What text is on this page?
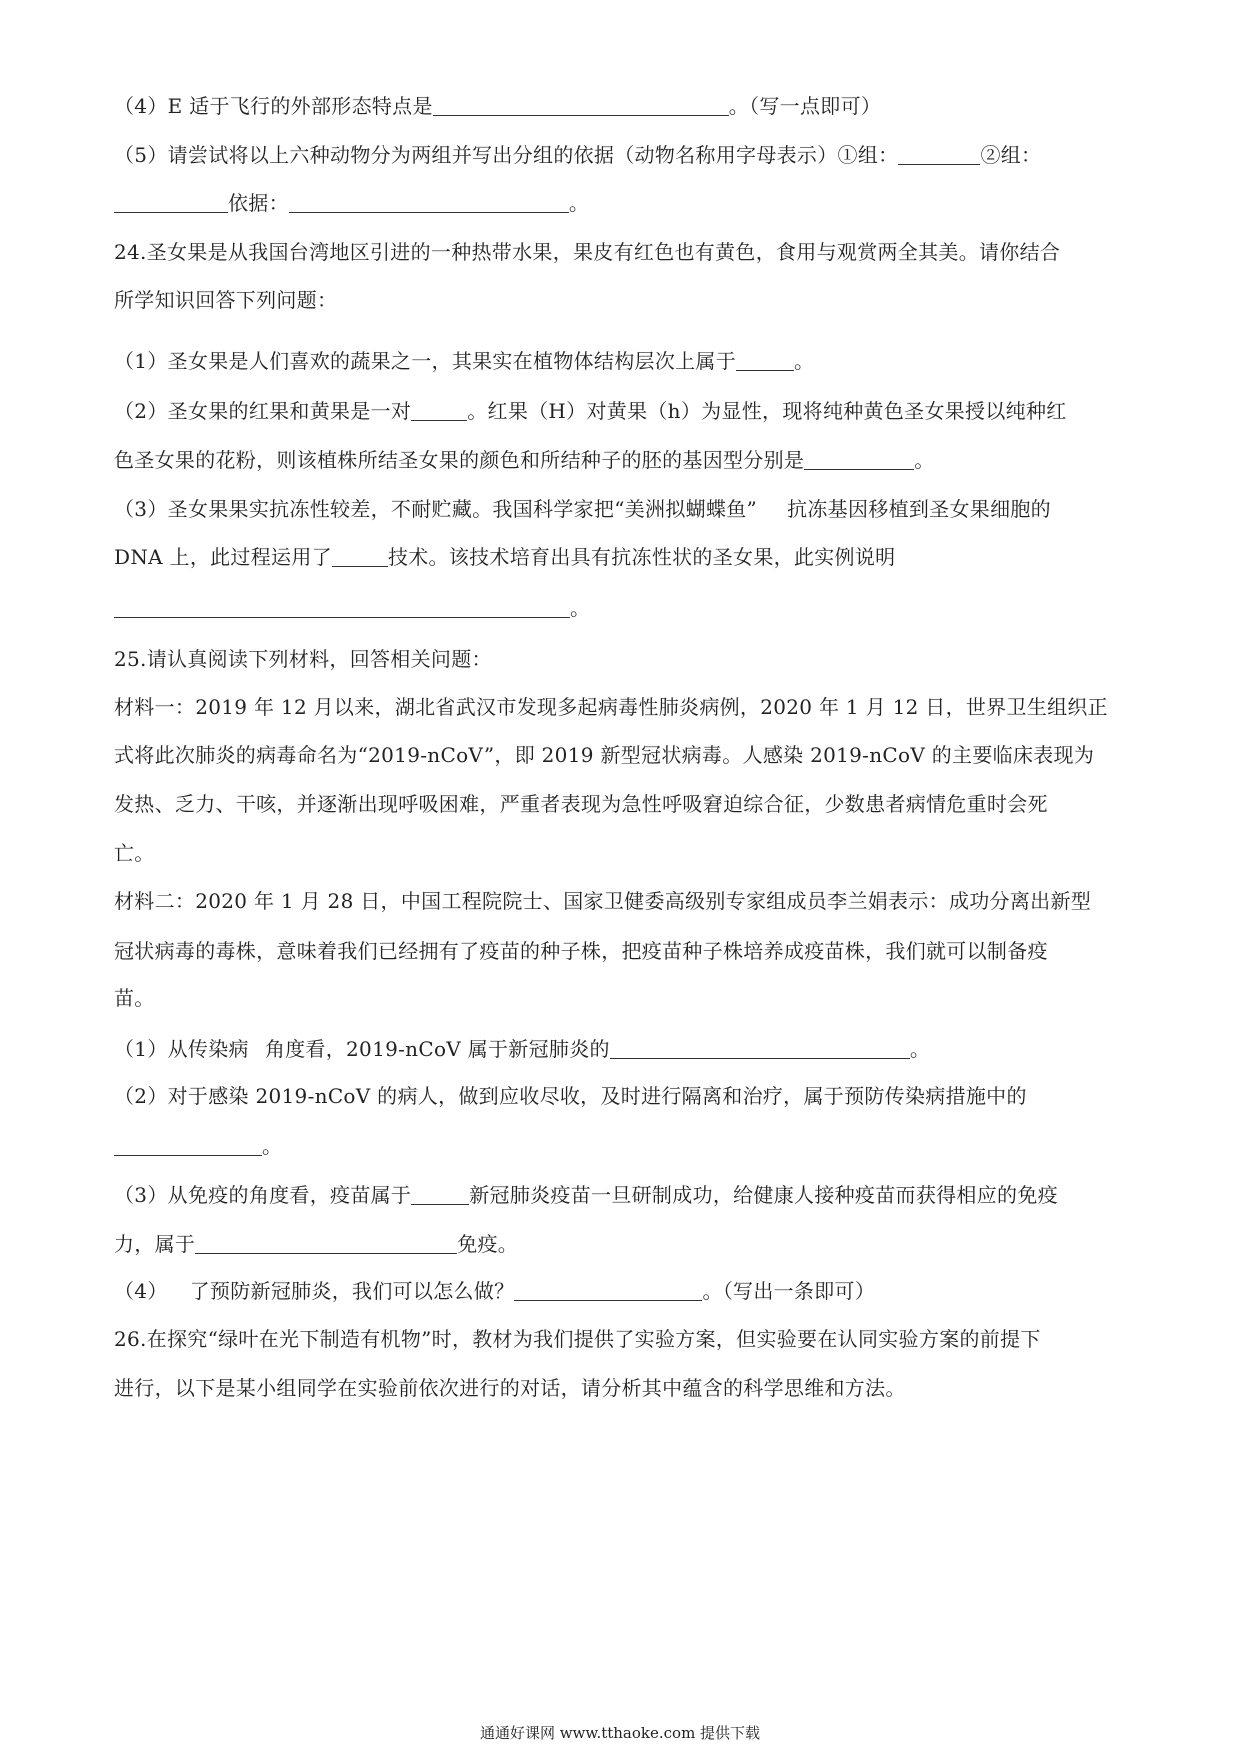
（4）E 适于飞行的外部形态特点是	。（写一点即可）
（5）请尝试将以上六种动物分为两组并写出分组的依据（动物名称用字母表示）①组：	②组：
依据：	。
24.圣女果是从我国台湾地区引进的一种热带水果，果皮有红色也有黄色，食用与观赏两全其美。请你结合
所学知识回答下列问题：
（1）圣女果是人们喜欢的蔬果之一，其果实在植物体结构层次上属于	。
（2）圣女果的红果和黄果是一对	。红果（H）对黄果（h）为显性，现将纯种黄色圣女果授以纯种红
色圣女果的花粉，则该植株所结圣女果的颜色和所结种子的胚的基因型分别是	。
（3）圣女果果实抗冻性较差，不耐贮藏。我国科学家把“美洲拟蝴蝶鱼” 抗冻基因移植到圣女果细胞的
DNA 上，此过程运用了	技术。该技术培育出具有抗冻性状的圣女果，此实例说明
。
25.请认真阅读下列材料，回答相关问题：
材料一：2019 年 12 月以来，湖北省武汉市发现多起病毒性肺炎病例，2020 年 1 月 12 日，世界卫生组织正
式将此次肺炎的病毒命名为“2019-nCoV”，即 2019 新型冠状病毒。人感染 2019-nCoV 的主要临床表现为
发热、乏力、干咳，并逐渐出现呼吸困难，严重者表现为急性呼吸窘迫综合征，少数患者病情危重时会死
亡。
材料二：2020 年 1 月 28 日，中国工程院院士、国家卫健委高级别专家组成员李兰娟表示：成功分离出新型
冠状病毒的毒株，意味着我们已经拥有了疫苗的种子株，把疫苗种子株培养成疫苗株，我们就可以制备疫
苗。
（1）从传染病 角度看，2019-nCoV 属于新冠肺炎的	。
（2）对于感染 2019-nCoV 的病人，做到应收尽收，及时进行隔离和治疗，属于预防传染病措施中的
。
（3）从免疫的角度看，疫苗属于	新冠肺炎疫苗一旦研制成功，给健康人接种疫苗而获得相应的免疫
力，属于	免疫。
（4） 了预防新冠肺炎，我们可以怎么做？	。（写出一条即可）
26.在探究“绿叶在光下制造有机物”时，教材为我们提供了实验方案，但实验要在认同实验方案的前提下
进行，以下是某小组同学在实验前依次进行的对话，请分析其中蕴含的科学思维和方法。
通通好课网 www.tthaoke.com 提供下载
